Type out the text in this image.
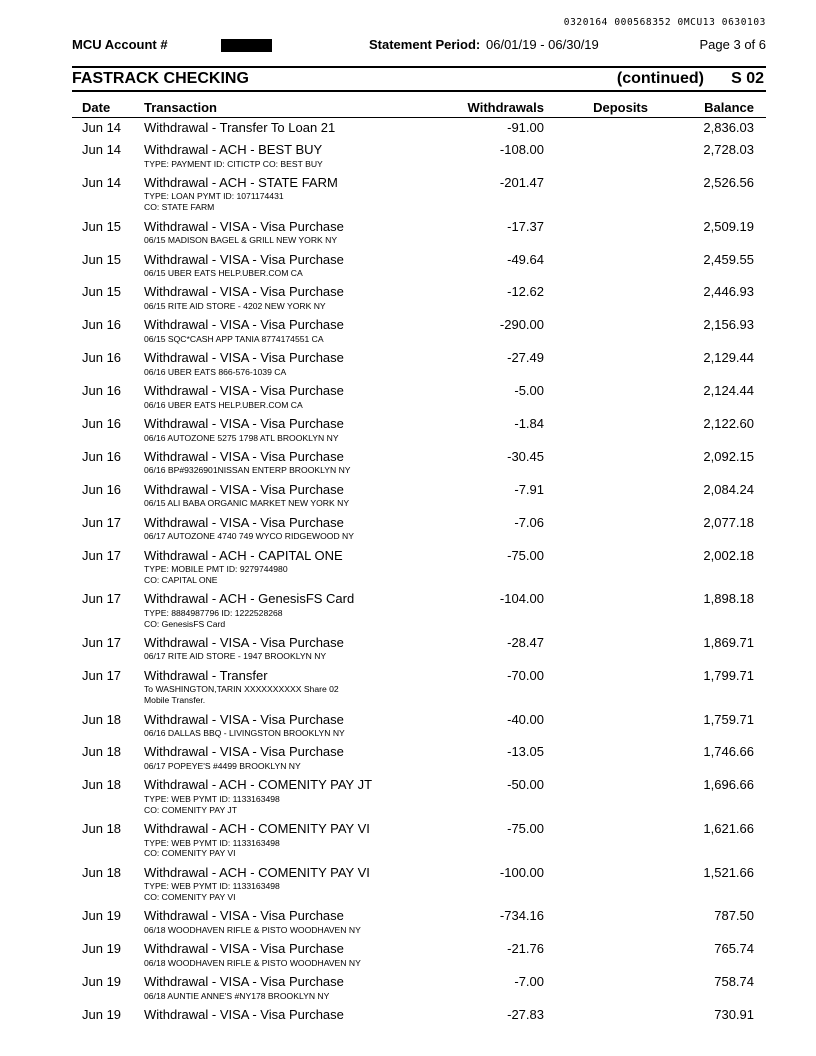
0320164 000568352 0MCU13 0630103
MCU Account #	Statement Period: 06/01/19 - 06/30/19	Page 3 of 6
FASTRACK CHECKING	(continued) S 02
Date	Transaction	Withdrawals	Deposits	Balance
Jun 14 Withdrawal - Transfer To Loan 21	-91.00	2,836.03
Jun 14 Withdrawal - ACH - BEST BUY	-108.00	2,728.03
TYPE: PAYMENT ID: CITICTP CO: BEST BUY
Jun 14 Withdrawal - ACH - STATE FARM	-201.47	2,526.56
TYPE: LOAN PYMT ID: 1071174431
CO: STATE FARM
Jun 15 Withdrawal - VISA - Visa Purchase	-17.37	2,509.19
06/15 MADISON BAGEL & GRILL NEW YORK NY
Jun 15 Withdrawal - VISA - Visa Purchase	-49.64	2,459.55
06/15 UBER EATS HELP.UBER.COM CA
Jun 15 Withdrawal - VISA - Visa Purchase	-12.62	2,446.93
06/15 RITE AID STORE - 4202 NEW YORK NY
Jun 16 Withdrawal - VISA - Visa Purchase	-290.00	2,156.93
06/15 SQC*CASH APP TANIA 8774174551 CA
Jun 16 Withdrawal - VISA - Visa Purchase	-27.49	2,129.44
06/16 UBER EATS 866-576-1039 CA
Jun 16 Withdrawal - VISA - Visa Purchase	-5.00	2,124.44
06/16 UBER EATS HELP.UBER.COM CA
Jun 16 Withdrawal - VISA - Visa Purchase	-1.84	2,122.60
06/16 AUTOZONE 5275 1798 ATL BROOKLYN NY
Jun 16 Withdrawal - VISA - Visa Purchase	-30.45	2,092.15
06/16 BP#9326901NISSAN ENTERP BROOKLYN NY
Jun 16 Withdrawal - VISA - Visa Purchase	-7.91	2,084.24
06/15 ALI BABA ORGANIC MARKET NEW YORK NY
Jun 17 Withdrawal - VISA - Visa Purchase	-7.06	2,077.18
06/17 AUTOZONE 4740 749 WYCO RIDGEWOOD NY
Jun 17 Withdrawal - ACH - CAPITAL ONE	-75.00	2,002.18
TYPE: MOBILE PMT ID: 9279744980
CO: CAPITAL ONE
Jun 17 Withdrawal - ACH - GenesisFS Card	-104.00	1,898.18
TYPE: 8884987796 ID: 1222528268
CO: GenesisFS Card
Jun 17 Withdrawal - VISA - Visa Purchase	-28.47	1,869.71
06/17 RITE AID STORE - 1947 BROOKLYN NY
Jun 17 Withdrawal - Transfer	-70.00	1,799.71
To WASHINGTON,TARIN XXXXXXXXXX Share 02
Mobile Transfer.
Jun 18 Withdrawal - VISA - Visa Purchase	-40.00	1,759.71
06/16 DALLAS BBQ - LIVINGSTON BROOKLYN NY
Jun 18 Withdrawal - VISA - Visa Purchase	-13.05	1,746.66
06/17 POPEYE'S #4499 BROOKLYN NY
Jun 18 Withdrawal - ACH - COMENITY PAY JT	-50.00	1,696.66
TYPE: WEB PYMT ID: 1133163498
CO: COMENITY PAY JT
Jun 18 Withdrawal - ACH - COMENITY PAY VI	-75.00	1,621.66
TYPE: WEB PYMT ID: 1133163498
CO: COMENITY PAY VI
Jun 18 Withdrawal - ACH - COMENITY PAY VI	-100.00	1,521.66
TYPE: WEB PYMT ID: 1133163498
CO: COMENITY PAY VI
Jun 19 Withdrawal - VISA - Visa Purchase	-734.16	787.50
06/18 WOODHAVEN RIFLE & PISTO WOODHAVEN NY
Jun 19 Withdrawal - VISA - Visa Purchase	-21.76	765.74
06/18 WOODHAVEN RIFLE & PISTO WOODHAVEN NY
Jun 19 Withdrawal - VISA - Visa Purchase	-7.00	758.74
06/18 AUNTIE ANNE'S #NY178 BROOKLYN NY
Jun 19 Withdrawal - VISA - Visa Purchase	-27.83	730.91
